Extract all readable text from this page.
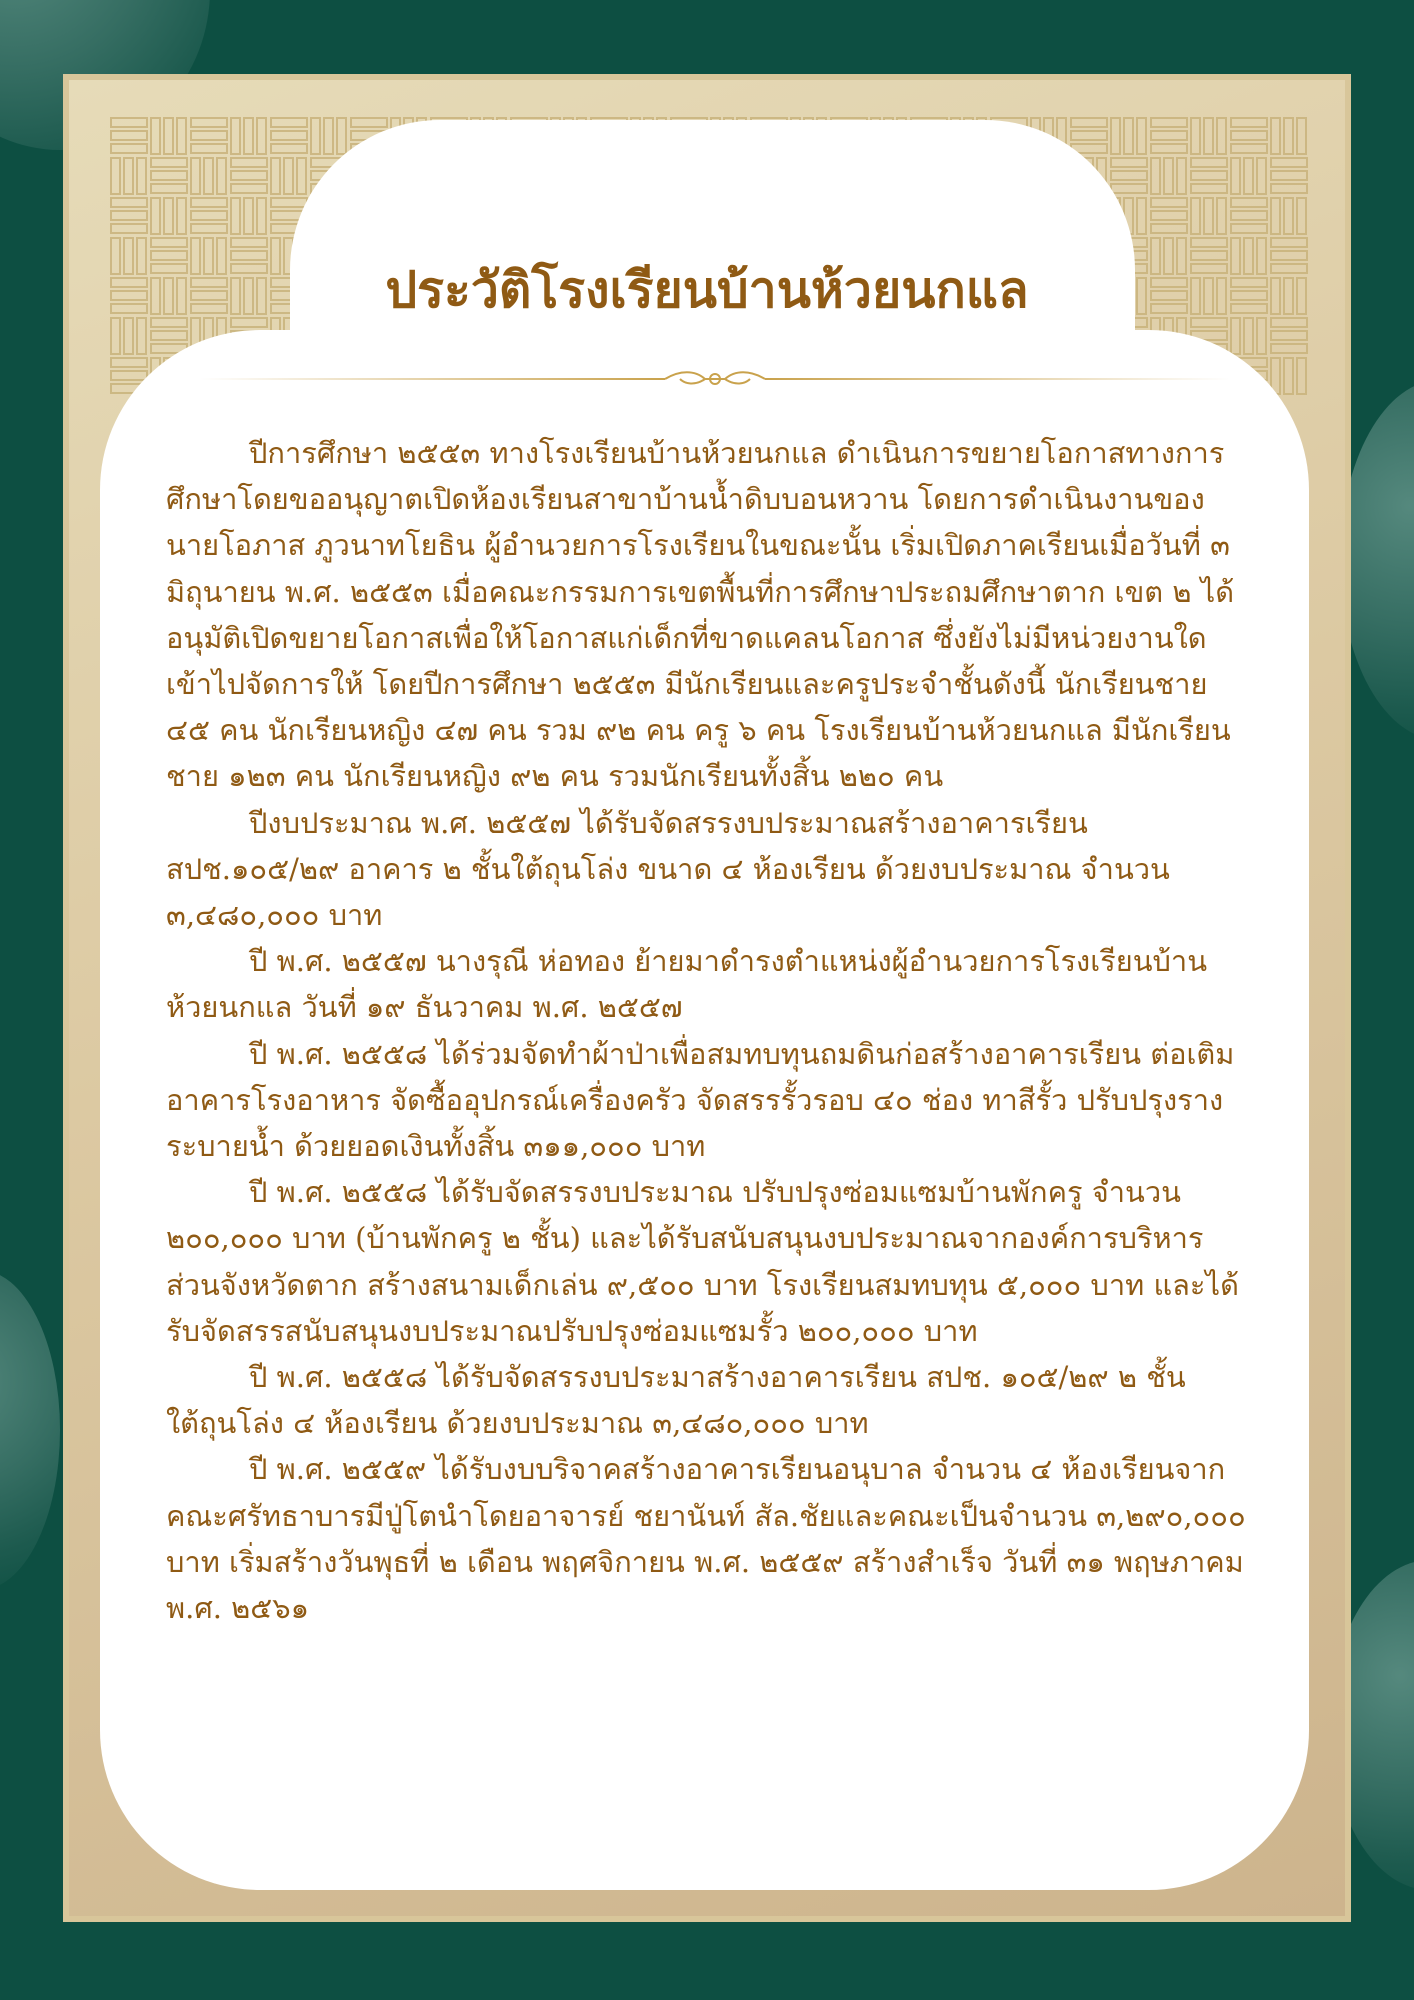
ประวัติโรงเรียนบ้านห้วยนกแล

ปีการศึกษา ๒๕๕๓ ทางโรงเรียนบ้านห้วยนกแล ดำเนินการขยายโอกาสทางการศึกษาโดยขออนุญาตเปิดห้องเรียนสาขาบ้านน้ำดิบบอนหวาน โดยการดำเนินงานของนายโอภาส ภูวนาทโยธิน ผู้อำนวยการโรงเรียนในขณะนั้น เริ่มเปิดภาคเรียนเมื่อวันที่ ๓ มิถุนายน พ.ศ. ๒๕๕๓ เมื่อคณะกรรมการเขตพื้นที่การศึกษาประถมศึกษาตาก เขต ๒ ได้อนุมัติเปิดขยายโอกาสเพื่อให้โอกาสแก่เด็กที่ขาดแคลนโอกาส ซึ่งยังไม่มีหน่วยงานใดเข้าไปจัดการให้ โดยปีการศึกษา ๒๕๕๓ มีนักเรียนและครูประจำชั้นดังนี้ นักเรียนชาย ๔๕ คน นักเรียนหญิง ๔๗ คน รวม ๙๒ คน ครู ๖ คน โรงเรียนบ้านห้วยนกแล มีนักเรียนชาย ๑๒๓ คน นักเรียนหญิง ๙๒ คน รวมนักเรียนทั้งสิ้น ๒๒๐ คน

ปีงบประมาณ พ.ศ. ๒๕๕๗ ได้รับจัดสรรงบประมาณสร้างอาคารเรียน สปช.๑๐๕/๒๙ อาคาร ๒ ชั้นใต้ถุนโล่ง ขนาด ๔ ห้องเรียน ด้วยงบประมาณ จำนวน ๓,๔๘๐,๐๐๐ บาท

ปี พ.ศ. ๒๕๕๗ นางรุณี ห่อทอง ย้ายมาดำรงตำแหน่งผู้อำนวยการโรงเรียนบ้านห้วยนกแล วันที่ ๑๙ ธันวาคม พ.ศ. ๒๕๕๗

ปี พ.ศ. ๒๕๕๘ ได้ร่วมจัดทำผ้าป่าเพื่อสมทบทุนถมดินก่อสร้างอาคารเรียน ต่อเติมอาคารโรงอาหาร จัดซื้ออุปกรณ์เครื่องครัว จัดสรรรั้วรอบ ๔๐ ช่อง ทาสีรั้ว ปรับปรุงรางระบายน้ำ ด้วยยอดเงินทั้งสิ้น ๓๑๑,๐๐๐ บาท

ปี พ.ศ. ๒๕๕๘ ได้รับจัดสรรงบประมาณ ปรับปรุงซ่อมแซมบ้านพักครู จำนวน ๒๐๐,๐๐๐ บาท (บ้านพักครู ๒ ชั้น) และได้รับสนับสนุนงบประมาณจากองค์การบริหารส่วนจังหวัดตาก สร้างสนามเด็กเล่น ๙,๕๐๐ บาท โรงเรียนสมทบทุน ๕,๐๐๐ บาท และได้รับจัดสรรสนับสนุนงบประมาณปรับปรุงซ่อมแซมรั้ว ๒๐๐,๐๐๐ บาท

ปี พ.ศ. ๒๕๕๘ ได้รับจัดสรรงบประมาสร้างอาคารเรียน สปช. ๑๐๕/๒๙ ๒ ชั้นใต้ถุนโล่ง ๔ ห้องเรียน ด้วยงบประมาณ ๓,๔๘๐,๐๐๐ บาท

ปี พ.ศ. ๒๕๕๙ ได้รับงบบริจาคสร้างอาคารเรียนอนุบาล จำนวน ๔ ห้องเรียนจากคณะศรัทธาบารมีปู่โตนำโดยอาจารย์ ชยานันท์ สัล.ชัยและคณะเป็นจำนวน ๓,๒๙๐,๐๐๐ บาท เริ่มสร้างวันพุธที่ ๒ เดือน พฤศจิกายน พ.ศ. ๒๕๕๙ สร้างสำเร็จ วันที่ ๓๑ พฤษภาคม พ.ศ. ๒๕๖๑
